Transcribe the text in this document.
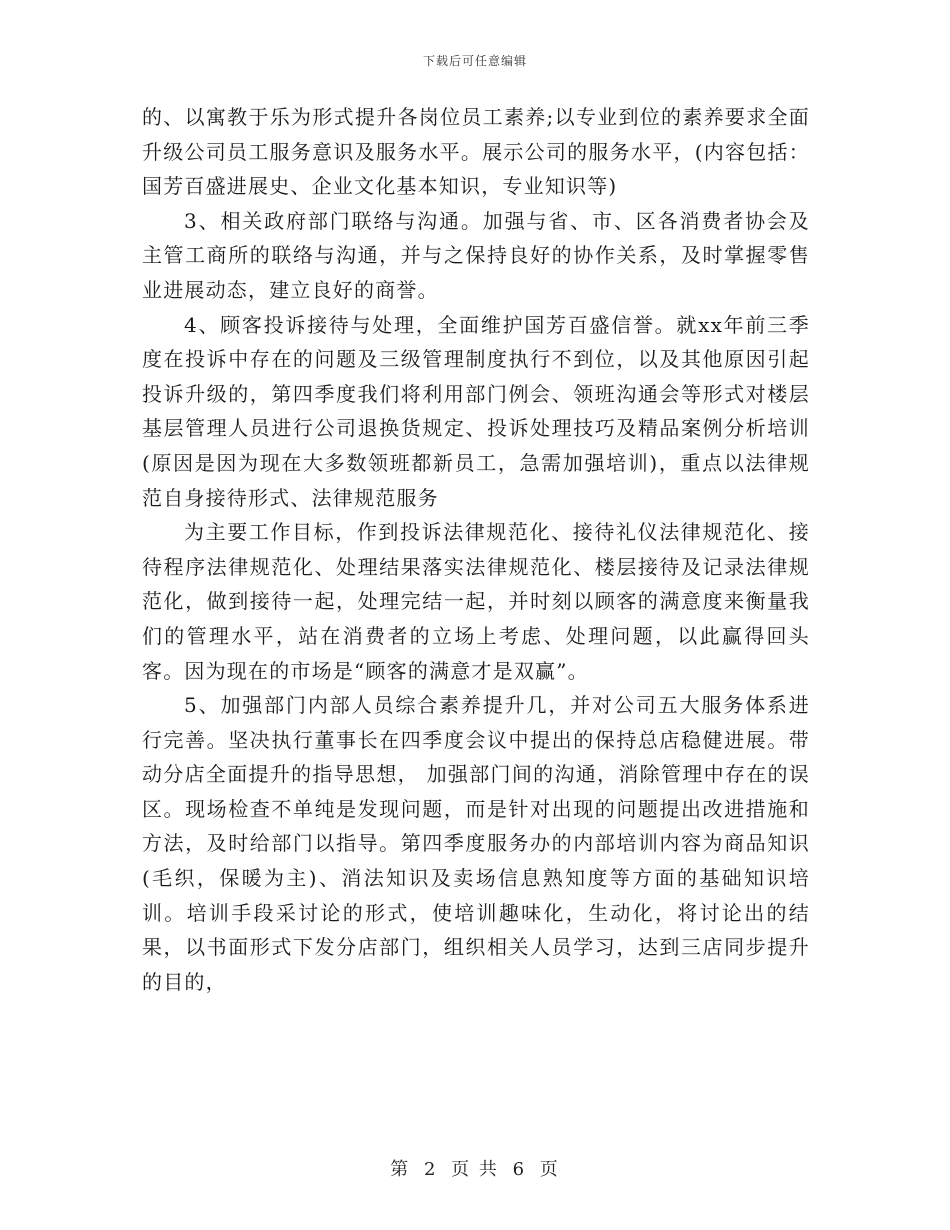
下载后可任意编辑

的、以寓教于乐为形式提升各岗位员工素养;以专业到位的素养要求全面升级公司员工服务意识及服务水平。展示公司的服务水平，(内容包括：国芳百盛进展史、企业文化基本知识，专业知识等)

3、相关政府部门联络与沟通。加强与省、市、区各消费者协会及主管工商所的联络与沟通，并与之保持良好的协作关系，及时掌握零售业进展动态，建立良好的商誉。

4、顾客投诉接待与处理，全面维护国芳百盛信誉。就xx年前三季度在投诉中存在的问题及三级管理制度执行不到位，以及其他原因引起投诉升级的，第四季度我们将利用部门例会、领班沟通会等形式对楼层基层管理人员进行公司退换货规定、投诉处理技巧及精品案例分析培训(原因是因为现在大多数领班都新员工，急需加强培训)，重点以法律规范自身接待形式、法律规范服务

为主要工作目标，作到投诉法律规范化、接待礼仪法律规范化、接待程序法律规范化、处理结果落实法律规范化、楼层接待及记录法律规范化，做到接待一起，处理完结一起，并时刻以顾客的满意度来衡量我们的管理水平，站在消费者的立场上考虑、处理问题，以此赢得回头客。因为现在的市场是“顾客的满意才是双赢”。

5、加强部门内部人员综合素养提升几，并对公司五大服务体系进行完善。坚决执行董事长在四季度会议中提出的保持总店稳健进展。带动分店全面提升的指导思想， 加强部门间的沟通，消除管理中存在的误区。现场检查不单纯是发现问题，而是针对出现的问题提出改进措施和方法，及时给部门以指导。第四季度服务办的内部培训内容为商品知识(毛织，保暖为主)、消法知识及卖场信息熟知度等方面的基础知识培训。培训手段采讨论的形式，使培训趣味化，生动化，将讨论出的结果，以书面形式下发分店部门，组织相关人员学习，达到三店同步提升的目的，

第 2 页 共 6 页
